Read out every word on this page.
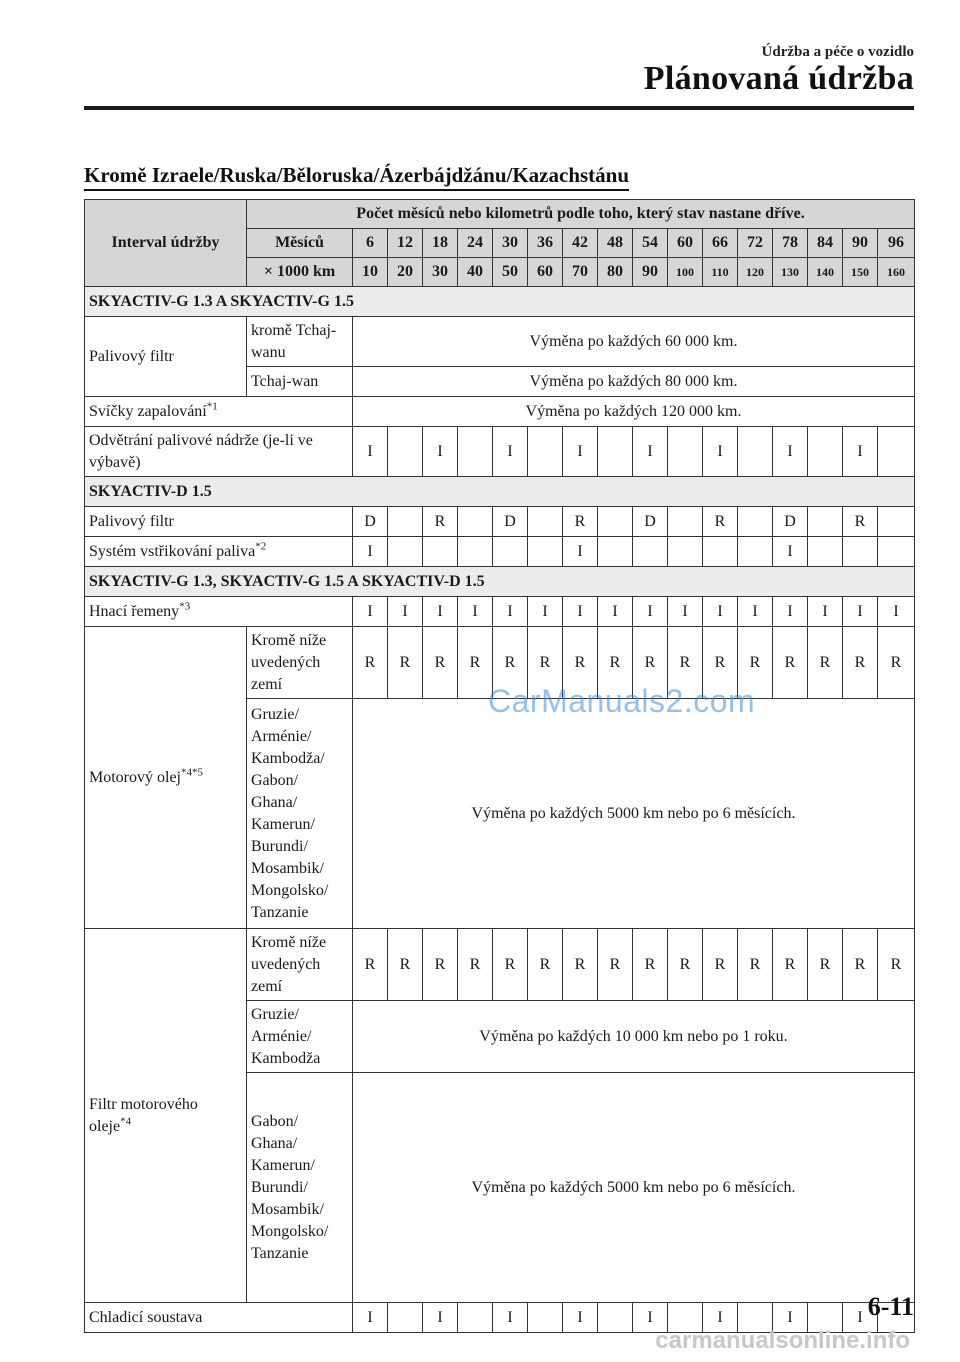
Údržba a péče o vozidlo
Plánovaná údržba
Kromě Izraele/Ruska/Běloruska/Ázerbájdžánu/Kazachstánu
Interval údržby	Počet měsíců nebo kilometrů podle toho, který stav nastane dříve.																
	Měsíců	6	12	18	24	30	36	42	48	54	60	66	72	78	84	90	96
	× 1000 km	10	20	30	40	50	60	70	80	90	100	110	120	130	140	150	160
SKYACTIV-G 1.3 A SKYACTIV-G 1.5																	
Palivový filtr	kromě Tchaj-wanu	Výměna po každých 60 000 km.															
	Tchaj-wan	Výměna po každých 80 000 km.															
Svíčky zapalování$^{*1}$		Výměna po každých 120 000 km.															
Odvětrání palivové nádrže (je-li ve výbavě)		I		I		I		I		I		I		I		I	
SKYACTIV-D 1.5																	
Palivový filtr		D		R		D		R		D		R		D		R	
Systém vstřikování paliva$^{*2}$		I						I						I			
SKYACTIV-G 1.3, SKYACTIV-G 1.5 A SKYACTIV-D 1.5																	
Hnací řemeny$^{*3}$		I	I	I	I	I	I	I	I	I	I	I	I	I	I	I	I
Motorový olej$^{*4*5}$	Kromě níže uvedených zemí	R	R	R	R	R	R	R	R	R	R	R	R	R	R	R	R
	Gruzie/ Arménie/ Kambodža/ Gabon/ Ghana/ Kamerun/ Burundi/ Mosambik/ Mongolsko/ Tanzanie	Výměna po každých 5000 km nebo po 6 měsících.															
Filtr motorového oleje$^{*4}$	Kromě níže uvedených zemí	R	R	R	R	R	R	R	R	R	R	R	R	R	R	R	R
	Gruzie/ Arménie/ Kambodža	Výměna po každých 10 000 km nebo po 1 roku.															
	Gabon/ Ghana/ Kamerun/ Burundi/ Mosambik/ Mongolsko/ Tanzanie	Výměna po každých 5000 km nebo po 6 měsících.															
Chladicí soustava		I		I		I		I		I		I		I		I	
CarManuals2.com
6-11
carmanualsonline.info
